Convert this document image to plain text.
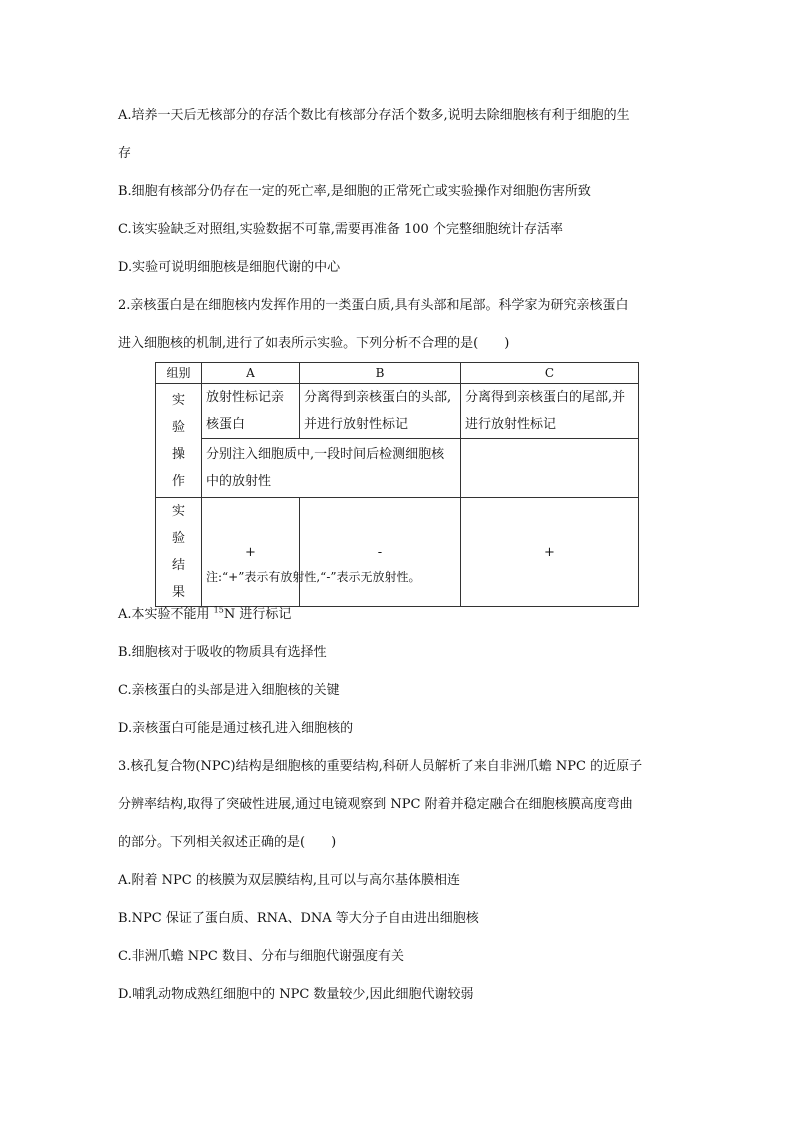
A.培养一天后无核部分的存活个数比有核部分存活个数多,说明去除细胞核有利于细胞的生
存
B.细胞有核部分仍存在一定的死亡率,是细胞的正常死亡或实验操作对细胞伤害所致
C.该实验缺乏对照组,实验数据不可靠,需要再准备 100 个完整细胞统计存活率
D.实验可说明细胞核是细胞代谢的中心
2.亲核蛋白是在细胞核内发挥作用的一类蛋白质,具有头部和尾部。科学家为研究亲核蛋白
进入细胞核的机制,进行了如表所示实验。下列分析不合理的是(　　)
组别	A	B	C
实验操作	放射性标记亲核蛋白	分离得到亲核蛋白的头部,并进行放射性标记	分离得到亲核蛋白的尾部,并进行放射性标记
	分别注入细胞质中,一段时间后检测细胞核中的放射性		
实验结果	+	-	+
注:“+”表示有放射性,“-”表示无放射性。
A.本实验不能用 $^{15}$N 进行标记
B.细胞核对于吸收的物质具有选择性
C.亲核蛋白的头部是进入细胞核的关键
D.亲核蛋白可能是通过核孔进入细胞核的
3.核孔复合物(NPC)结构是细胞核的重要结构,科研人员解析了来自非洲爪蟾 NPC 的近原子
分辨率结构,取得了突破性进展,通过电镜观察到 NPC 附着并稳定融合在细胞核膜高度弯曲
的部分。下列相关叙述正确的是(　　)
A.附着 NPC 的核膜为双层膜结构,且可以与高尔基体膜相连
B.NPC 保证了蛋白质、RNA、DNA 等大分子自由进出细胞核
C.非洲爪蟾 NPC 数目、分布与细胞代谢强度有关
D.哺乳动物成熟红细胞中的 NPC 数量较少,因此细胞代谢较弱
